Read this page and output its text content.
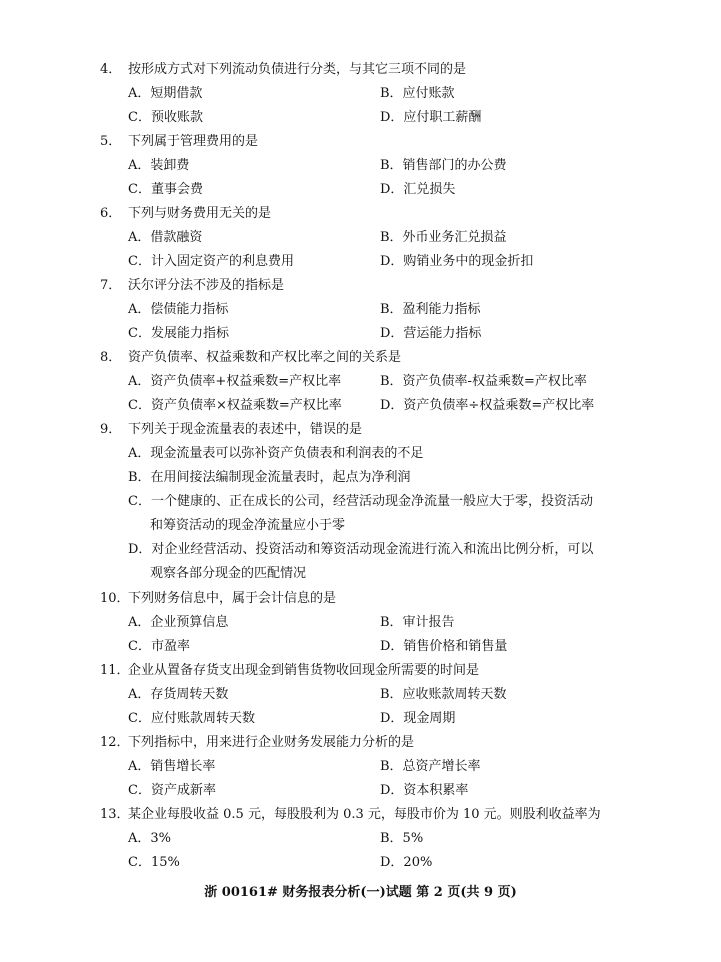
4． 按形成方式对下列流动负债进行分类，与其它三项不同的是
A．短期借款	B．应付账款
C．预收账款	D．应付职工薪酬
5． 下列属于管理费用的是
A．装卸费	B．销售部门的办公费
C．董事会费	D．汇兑损失
6． 下列与财务费用无关的是
A．借款融资	B．外币业务汇兑损益
C．计入固定资产的利息费用	D．购销业务中的现金折扣
7． 沃尔评分法不涉及的指标是
A．偿债能力指标	B．盈利能力指标
C．发展能力指标	D．营运能力指标
8． 资产负债率、权益乘数和产权比率之间的关系是
A．资产负债率+权益乘数=产权比率	B．资产负债率-权益乘数=产权比率
C．资产负债率×权益乘数=产权比率	D．资产负债率÷权益乘数=产权比率
9． 下列关于现金流量表的表述中，错误的是
A．现金流量表可以弥补资产负债表和利润表的不足
B．在用间接法编制现金流量表时，起点为净利润
C．一个健康的、正在成长的公司，经营活动现金净流量一般应大于零，投资活动
和筹资活动的现金净流量应小于零
D．对企业经营活动、投资活动和筹资活动现金流进行流入和流出比例分析，可以
观察各部分现金的匹配情况
10．下列财务信息中，属于会计信息的是
A．企业预算信息	B．审计报告
C．市盈率	D．销售价格和销售量
11．企业从置备存货支出现金到销售货物收回现金所需要的时间是
A．存货周转天数	B．应收账款周转天数
C．应付账款周转天数	D．现金周期
12．下列指标中，用来进行企业财务发展能力分析的是
A．销售增长率	B．总资产增长率
C．资产成新率	D．资本积累率
13．某企业每股收益 0.5 元，每股股利为 0.3 元，每股市价为 10 元。则股利收益率为
A．3%	B．5%
C．15%	D．20%
浙 00161# 财务报表分析(一)试题 第 2 页(共 9 页)
